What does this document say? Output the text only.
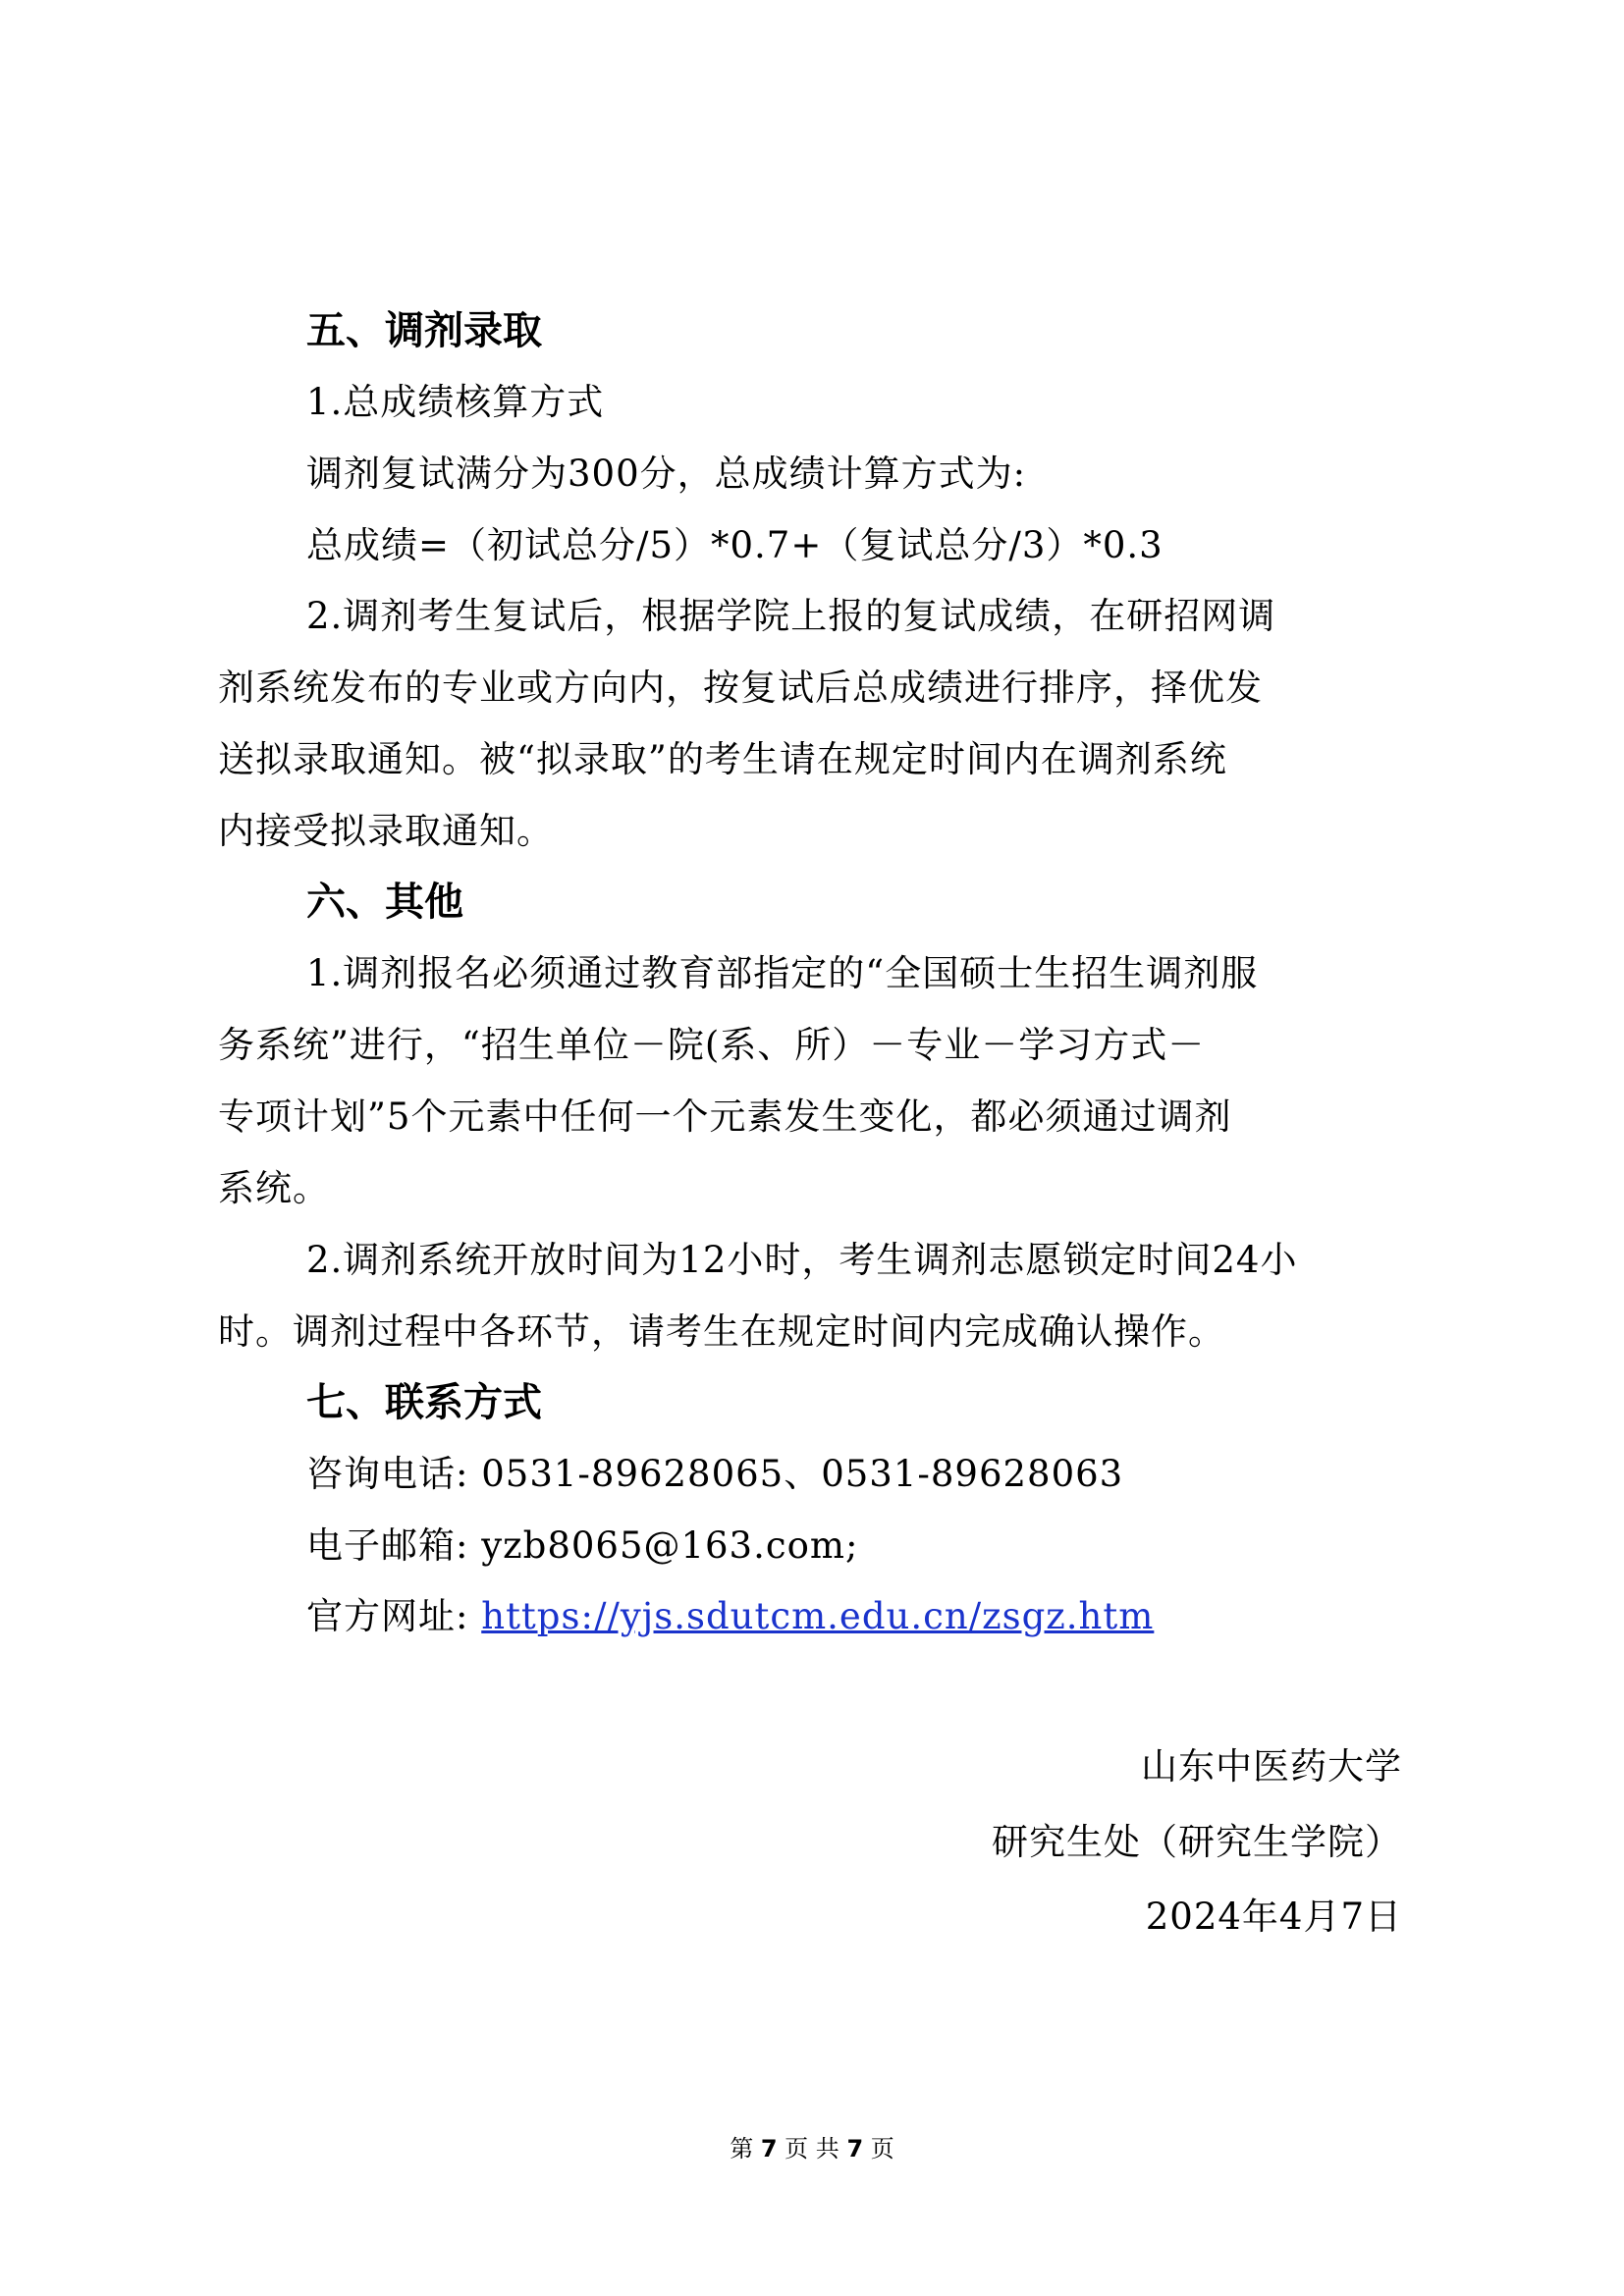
五、调剂录取
1.总成绩核算方式
调剂复试满分为300分，总成绩计算方式为:
总成绩=（初试总分/5）*0.7+（复试总分/3）*0.3
2.调剂考生复试后，根据学院上报的复试成绩，在研招网调
剂系统发布的专业或方向内，按复试后总成绩进行排序，择优发
送拟录取通知。被“拟录取”的考生请在规定时间内在调剂系统
内接受拟录取通知。
六、其他
1.调剂报名必须通过教育部指定的“全国硕士生招生调剂服
务系统”进行，“招生单位－院(系、所）－专业－学习方式－
专项计划”5个元素中任何一个元素发生变化，都必须通过调剂
系统。
2.调剂系统开放时间为12小时，考生调剂志愿锁定时间24小
时。调剂过程中各环节，请考生在规定时间内完成确认操作。
七、联系方式
咨询电话: 0531-89628065、0531-89628063
电子邮箱: yzb8065@163.com;
官方网址: https://yjs.sdutcm.edu.cn/zsgz.htm
山东中医药大学
研究生处（研究生学院）
2024年4月7日
第 7 页 共 7 页
